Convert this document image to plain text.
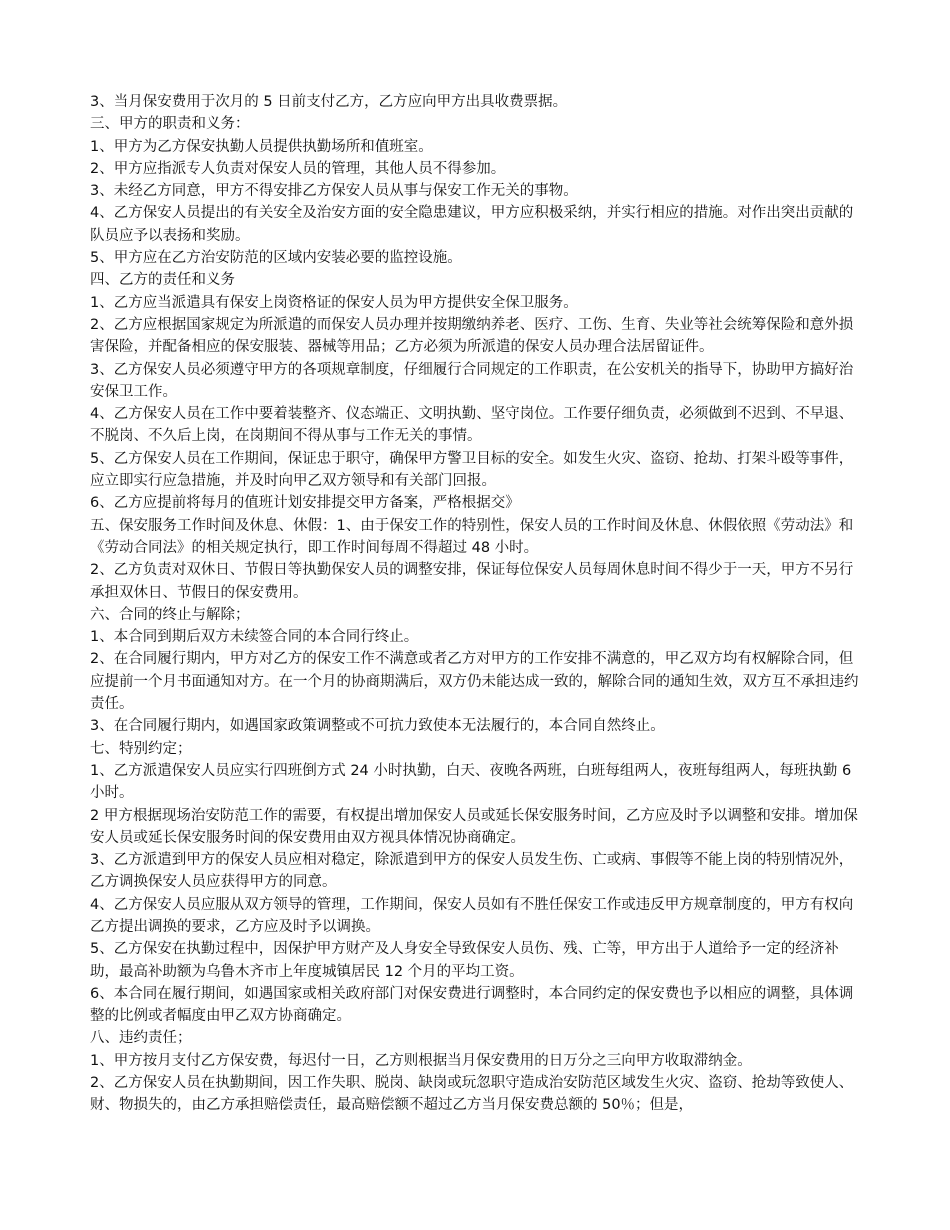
3、当月保安费用于次月的 5 日前支付乙方，乙方应向甲方出具收费票据。

三、甲方的职责和义务：

1、甲方为乙方保安执勤人员提供执勤场所和值班室。

2、甲方应指派专人负责对保安人员的管理，其他人员不得参加。

3、未经乙方同意，甲方不得安排乙方保安人员从事与保安工作无关的事物。

4、乙方保安人员提出的有关安全及治安方面的安全隐患建议，甲方应积极采纳，并实行相应的措施。对作出突出贡献的队员应予以表扬和奖励。

5、甲方应在乙方治安防范的区域内安装必要的监控设施。

四、乙方的责任和义务

1、乙方应当派遣具有保安上岗资格证的保安人员为甲方提供安全保卫服务。

2、乙方应根据国家规定为所派遣的而保安人员办理并按期缴纳养老、医疗、工伤、生育、失业等社会统筹保险和意外损害保险，并配备相应的保安服装、器械等用品；乙方必须为所派遣的保安人员办理合法居留证件。

3、乙方保安人员必须遵守甲方的各项规章制度，仔细履行合同规定的工作职责，在公安机关的指导下，协助甲方搞好治安保卫工作。

4、乙方保安人员在工作中要着装整齐、仪态端正、文明执勤、坚守岗位。工作要仔细负责，必须做到不迟到、不早退、不脱岗、不久后上岗，在岗期间不得从事与工作无关的事情。

5、乙方保安人员在工作期间，保证忠于职守，确保甲方警卫目标的安全。如发生火灾、盗窃、抢劫、打架斗殴等事件，应立即实行应急措施，并及时向甲乙双方领导和有关部门回报。

6、乙方应提前将每月的值班计划安排提交甲方备案，严格根据交》

五、保安服务工作时间及休息、休假：1、由于保安工作的特别性，保安人员的工作时间及休息、休假依照《劳动法》和《劳动合同法》的相关规定执行，即工作时间每周不得超过 48 小时。

2、乙方负责对双休日、节假日等执勤保安人员的调整安排，保证每位保安人员每周休息时间不得少于一天，甲方不另行承担双休日、节假日的保安费用。

六、合同的终止与解除；

1、本合同到期后双方未续签合同的本合同行终止。

2、在合同履行期内，甲方对乙方的保安工作不满意或者乙方对甲方的工作安排不满意的，甲乙双方均有权解除合同，但应提前一个月书面通知对方。在一个月的协商期满后，双方仍未能达成一致的，解除合同的通知生效，双方互不承担违约责任。

3、在合同履行期内，如遇国家政策调整或不可抗力致使本无法履行的，本合同自然终止。

七、特别约定；

1、乙方派遣保安人员应实行四班倒方式 24 小时执勤，白天、夜晚各两班，白班每组两人，夜班每组两人，每班执勤 6 小时。

2 甲方根据现场治安防范工作的需要，有权提出增加保安人员或延长保安服务时间，乙方应及时予以调整和安排。增加保安人员或延长保安服务时间的保安费用由双方视具体情况协商确定。

3、乙方派遣到甲方的保安人员应相对稳定，除派遣到甲方的保安人员发生伤、亡或病、事假等不能上岗的特别情况外，乙方调换保安人员应获得甲方的同意。

4、乙方保安人员应服从双方领导的管理，工作期间，保安人员如有不胜任保安工作或违反甲方规章制度的，甲方有权向乙方提出调换的要求，乙方应及时予以调换。

5、乙方保安在执勤过程中，因保护甲方财产及人身安全导致保安人员伤、残、亡等，甲方出于人道给予一定的经济补助，最高补助额为乌鲁木齐市上年度城镇居民 12 个月的平均工资。

6、本合同在履行期间，如遇国家或相关政府部门对保安费进行调整时，本合同约定的保安费也予以相应的调整，具体调整的比例或者幅度由甲乙双方协商确定。

八、违约责任；

1、甲方按月支付乙方保安费，每迟付一日，乙方则根据当月保安费用的日万分之三向甲方收取滞纳金。

2、乙方保安人员在执勤期间，因工作失职、脱岗、缺岗或玩忽职守造成治安防范区域发生火灾、盗窃、抢劫等致使人、财、物损失的，由乙方承担赔偿责任，最高赔偿额不超过乙方当月保安费总额的 50％；但是，
